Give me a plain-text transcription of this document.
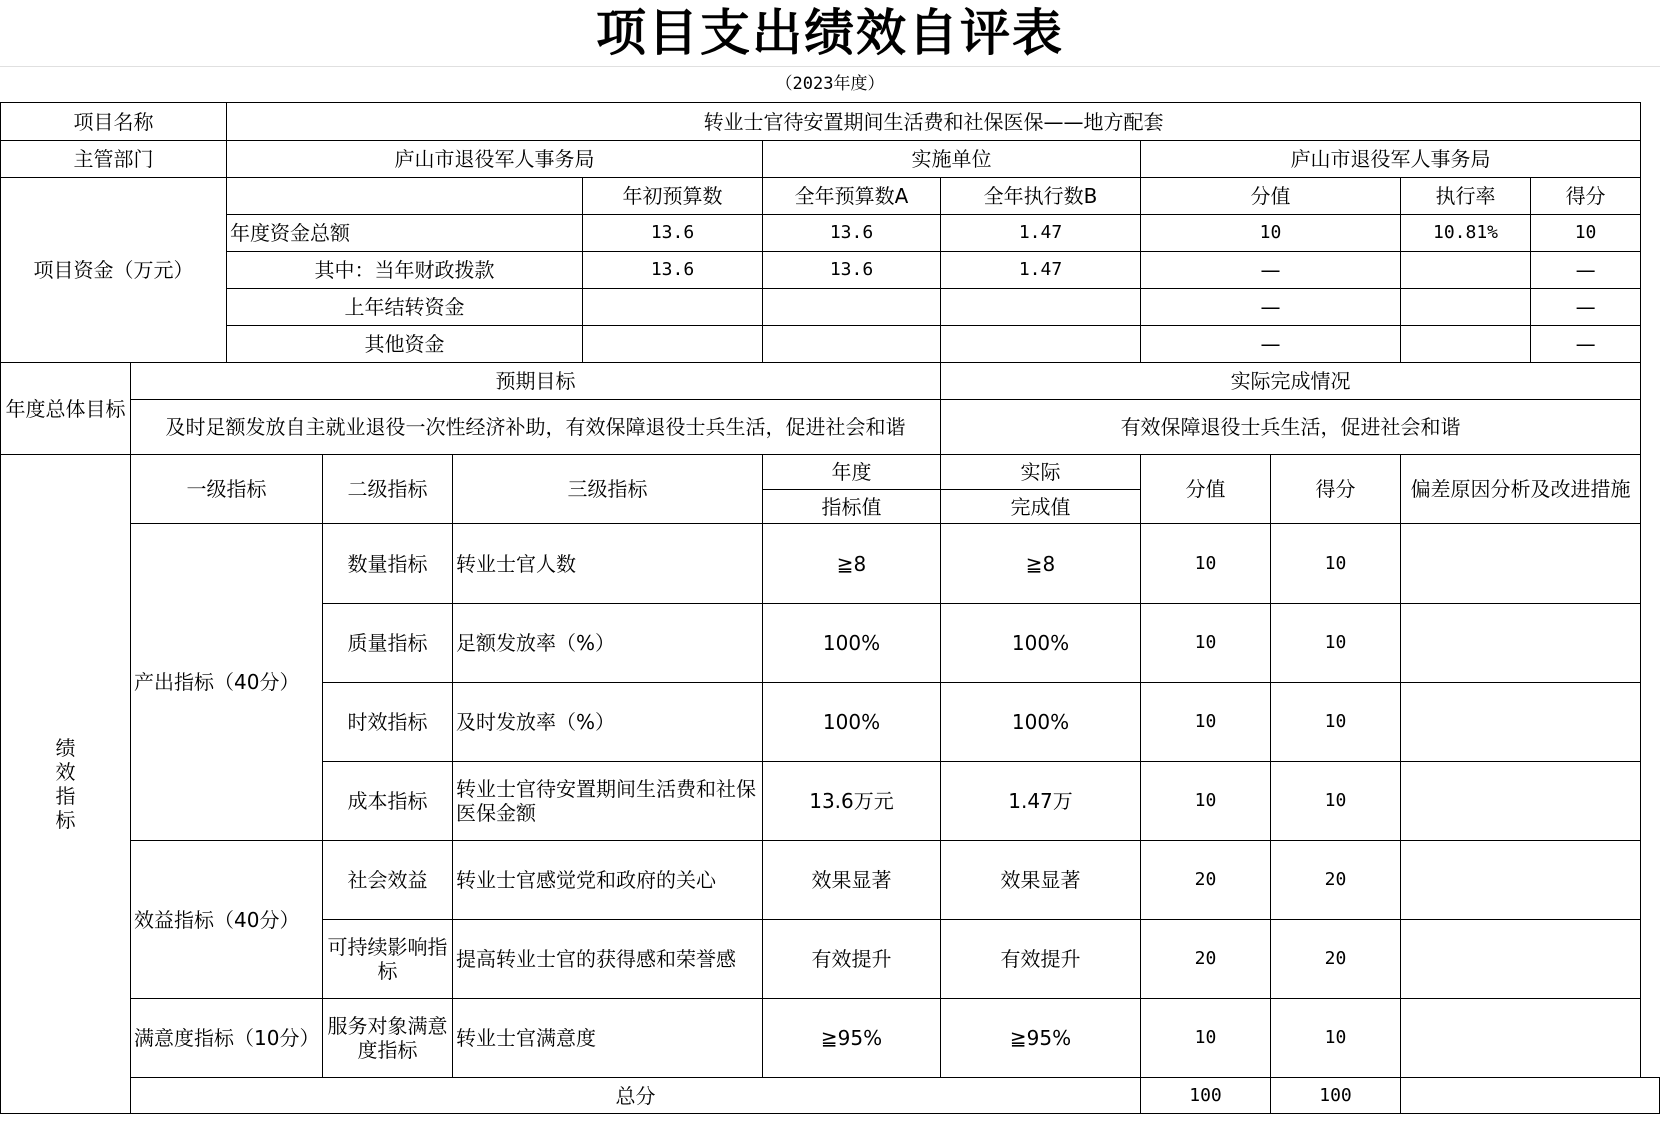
项目支出绩效自评表
（2023年度）
项目名称		转业士官待安置期间生活费和社保医保——地方配套									
主管部门		庐山市退役军人事务局				实施单位		庐山市退役军人事务局			
项目资金（万元）					年初预算数	全年预算数A	全年执行数B	分值		执行率	得分
		年度资金总额			13.6	13.6	1.47	10		10.81%	10
		其中：当年财政拨款			13.6	13.6	1.47	—			—
		上年结转资金						—			—
		其他资金						—			—
年度总体目标	预期目标						实际完成情况				
	及时足额发放自主就业退役一次性经济补助，有效保障退役士兵生活，促进社会和谐						有效保障退役士兵生活，促进社会和谐				
绩效指标	一级指标		二级指标	三级指标		年度	实际	分值	得分	偏差原因分析及改进措施	
						指标值	完成值				
	产出指标（40分）		数量指标	转业士官人数		≧8	≧8	10	10		
			质量指标	足额发放率（%）		100%	100%	10	10		
			时效指标	及时发放率（%）		100%	100%	10	10		
			成本指标	转业士官待安置期间生活费和社保医保金额		13.6万元	1.47万	10	10		
	效益指标（40分）		社会效益	转业士官感觉党和政府的关心		效果显著	效果显著	20	20		
			可持续影响指标	提高转业士官的获得感和荣誉感		有效提升	有效提升	20	20		
	满意度指标（10分）		服务对象满意度指标	转业士官满意度		≧95%	≧95%	10	10		
	总分							100	100		
